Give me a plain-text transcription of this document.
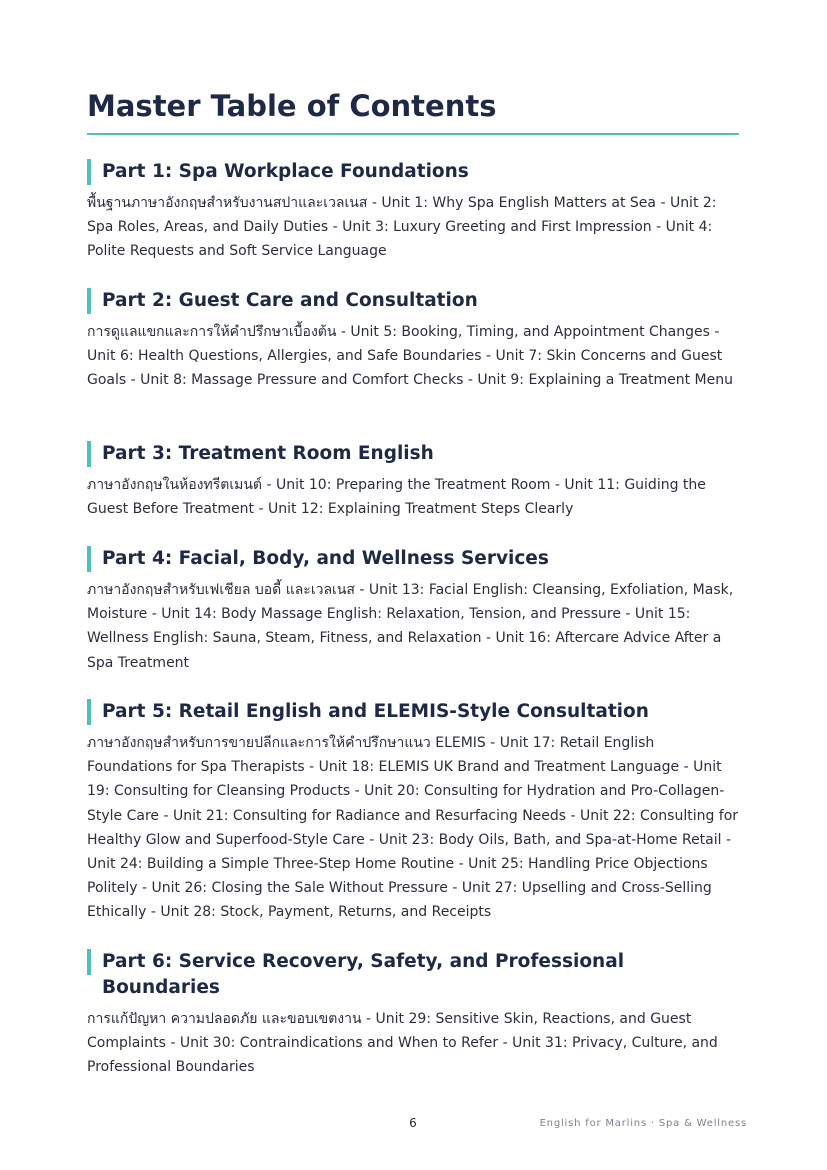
Master Table of Contents
Part 1: Spa Workplace Foundations

พื้นฐานภาษาอังกฤษสำหรับงานสปาและเวลเนส - Unit 1: Why Spa English Matters at Sea - Unit 2: Spa Roles, Areas, and Daily Duties - Unit 3: Luxury Greeting and First Impression - Unit 4: Polite Requests and Soft Service Language

Part 2: Guest Care and Consultation

การดูแลแขกและการให้คำปรึกษาเบื้องต้น - Unit 5: Booking, Timing, and Appointment Changes - Unit 6: Health Questions, Allergies, and Safe Boundaries - Unit 7: Skin Concerns and Guest Goals - Unit 8: Massage Pressure and Comfort Checks - Unit 9: Explaining a Treatment Menu

Part 3: Treatment Room English

ภาษาอังกฤษในห้องทรีตเมนต์ - Unit 10: Preparing the Treatment Room - Unit 11: Guiding the Guest Before Treatment - Unit 12: Explaining Treatment Steps Clearly

Part 4: Facial, Body, and Wellness Services

ภาษาอังกฤษสำหรับเฟเชียล บอดี้ และเวลเนส - Unit 13: Facial English: Cleansing, Exfoliation, Mask, Moisture - Unit 14: Body Massage English: Relaxation, Tension, and Pressure - Unit 15: Wellness English: Sauna, Steam, Fitness, and Relaxation - Unit 16: Aftercare Advice After a Spa Treatment

Part 5: Retail English and ELEMIS-Style Consultation

ภาษาอังกฤษสำหรับการขายปลีกและการให้คำปรึกษาแนว ELEMIS - Unit 17: Retail English Foundations for Spa Therapists - Unit 18: ELEMIS UK Brand and Treatment Language - Unit 19: Consulting for Cleansing Products - Unit 20: Consulting for Hydration and Pro-Collagen-Style Care - Unit 21: Consulting for Radiance and Resurfacing Needs - Unit 22: Consulting for Healthy Glow and Superfood-Style Care - Unit 23: Body Oils, Bath, and Spa-at-Home Retail - Unit 24: Building a Simple Three-Step Home Routine - Unit 25: Handling Price Objections Politely - Unit 26: Closing the Sale Without Pressure - Unit 27: Upselling and Cross-Selling Ethically - Unit 28: Stock, Payment, Returns, and Receipts

Part 6: Service Recovery, Safety, and Professional Boundaries

การแก้ปัญหา ความปลอดภัย และขอบเขตงาน - Unit 29: Sensitive Skin, Reactions, and Guest Complaints - Unit 30: Contraindications and When to Refer - Unit 31: Privacy, Culture, and Professional Boundaries

6	English for Marlins · Spa & Wellness
